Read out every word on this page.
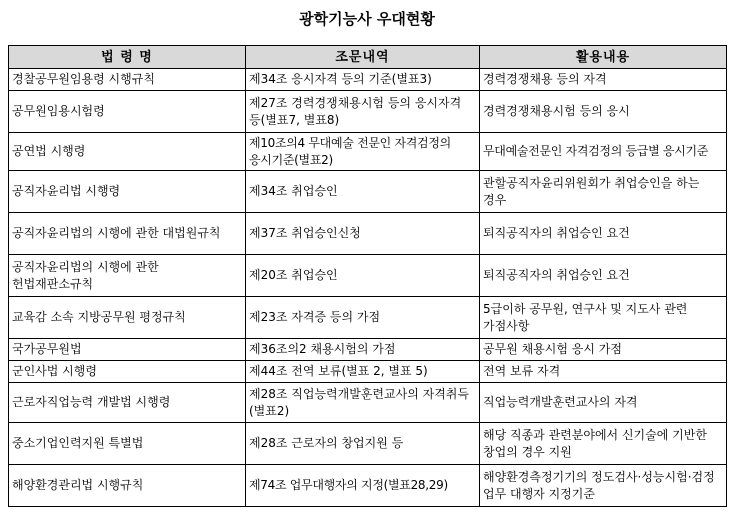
광학기능사 우대현황
법 령 명	조문내역	활용내용
경찰공무원임용령 시행규칙	제34조 응시자격 등의 기준(별표3)	경력경쟁채용 등의 자격
공무원임용시험령	제27조 경력경쟁채용시험 등의 응시자격 등(별표7, 별표8)	경력경쟁채용시험 등의 응시
공연법 시행령	제10조의4 무대예술 전문인 자격검정의 응시기준(별표2)	무대예술전문인 자격검정의 등급별 응시기준
공직자윤리법 시행령	제34조 취업승인	관할공직자윤리위원회가 취업승인을 하는 경우
공직자윤리법의 시행에 관한 대법원규칙	제37조 취업승인신청	퇴직공직자의 취업승인 요건
공직자윤리법의 시행에 관한 헌법재판소규칙	제20조 취업승인	퇴직공직자의 취업승인 요건
교육감 소속 지방공무원 평정규칙	제23조 자격증 등의 가점	5급이하 공무원, 연구사 및 지도사 관련 가점사항
국가공무원법	제36조의2 채용시험의 가점	공무원 채용시험 응시 가점
군인사법 시행령	제44조 전역 보류(별표 2, 별표 5)	전역 보류 자격
근로자직업능력 개발법 시행령	제28조 직업능력개발훈련교사의 자격취득(별표2)	직업능력개발훈련교사의 자격
중소기업인력지원 특별법	제28조 근로자의 창업지원 등	해당 직종과 관련분야에서 신기술에 기반한 창업의 경우 지원
해양환경관리법 시행규칙	제74조 업무대행자의 지정(별표28,29)	해양환경측정기기의 정도검사·성능시험·검정 업무 대행자 지정기준
